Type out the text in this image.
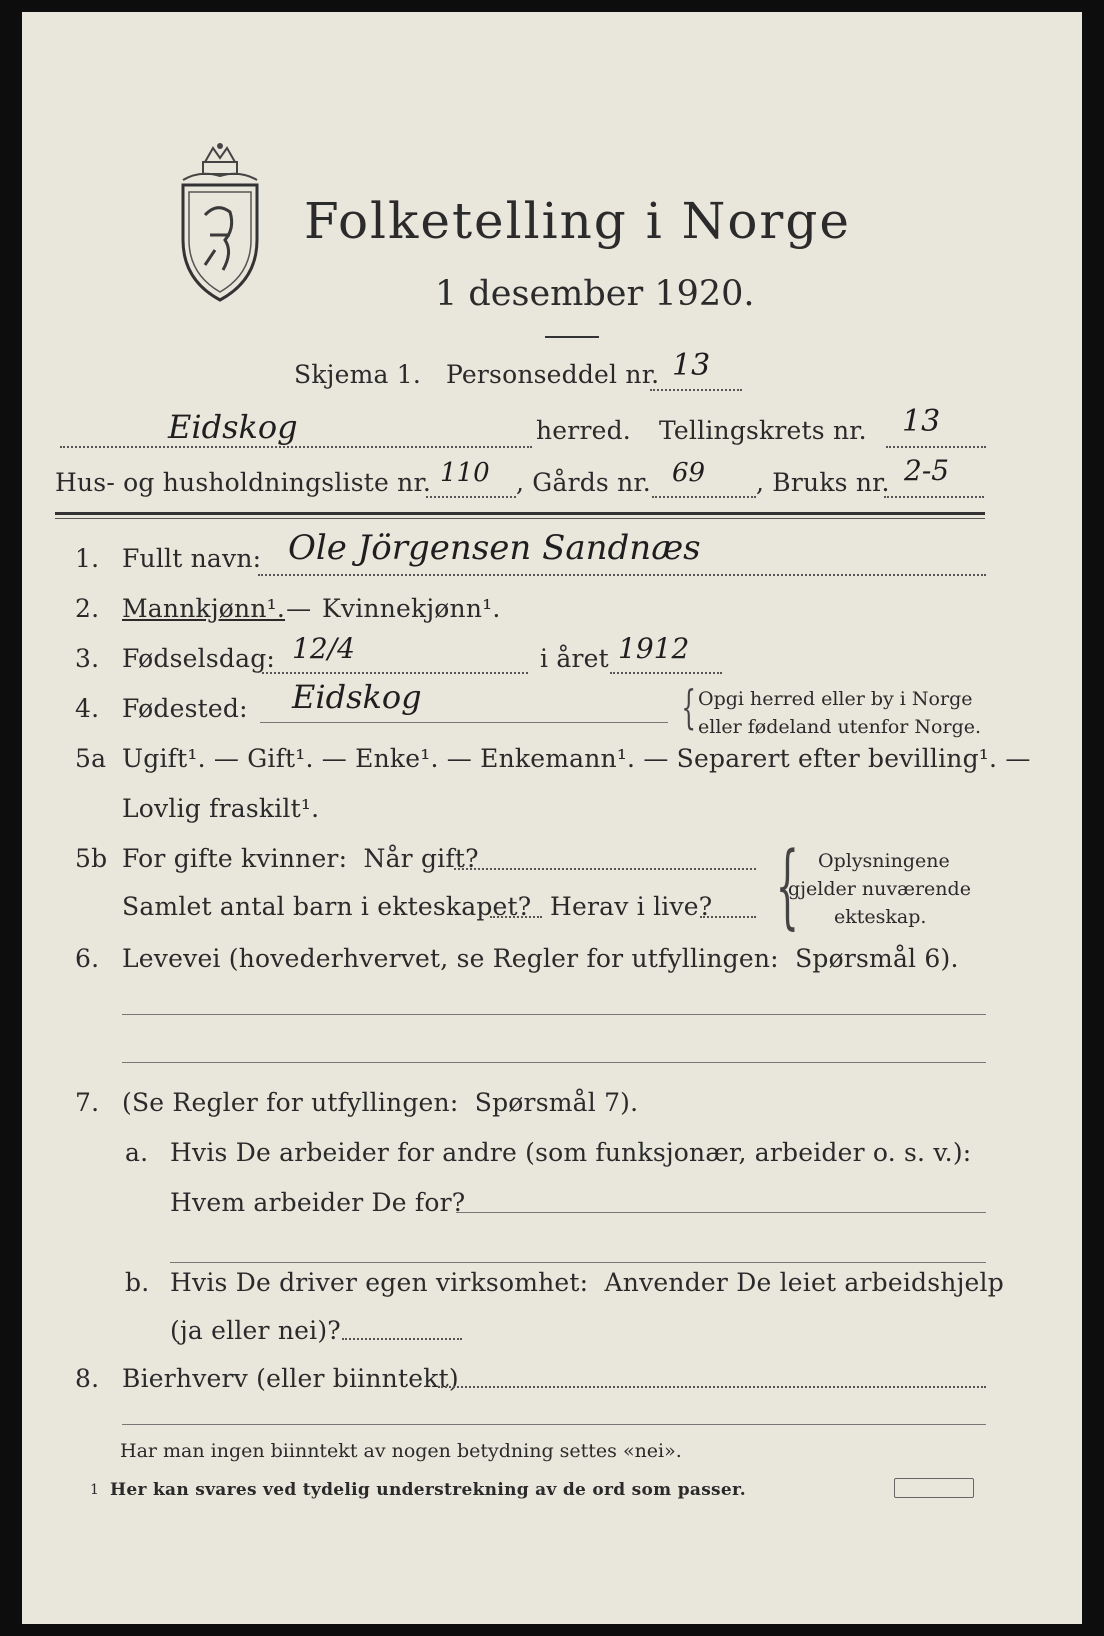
Folketelling i Norge
1 desember 1920.
Skjema 1. Personseddel nr. 13
Eidskog	herred. Tellingskrets nr. 13
Hus- og husholdningsliste nr. 110 , Gårds nr. 69 , Bruks nr. 2-5
1. Fullt navn: Ole Jörgensen Sandnæs
2. Mannkjønn¹.
— Kvinnekjønn¹.
3. Fødselsdag: 12/4	i året 1912
4. Fødested: Eidskog	{ Opgi herred eller by i Norge
eller fødeland utenfor Norge.
5a Ugift¹. — Gift¹. — Enke¹. — Enkemann¹. — Separert efter bevilling¹. —
Lovlig fraskilt¹.
5b For gifte kvinner:  Når gift?
Samlet antal barn i ekteskapet? Herav i live? { Oplysningene
gjelder nuværende
ekteskap.
6. Levevei (hovederhvervet, se Regler for utfyllingen:  Spørsmål 6).
7. (Se Regler for utfyllingen:  Spørsmål 7).
a. Hvis De arbeider for andre (som funksjonær, arbeider o. s. v.):
Hvem arbeider De for?
b. Hvis De driver egen virksomhet:  Anvender De leiet arbeidshjelp
(ja eller nei)?
8. Bierhverv (eller biinntekt)
Har man ingen biinntekt av nogen betydning settes «nei».
1 Her kan svares ved tydelig understrekning av de ord som passer.
